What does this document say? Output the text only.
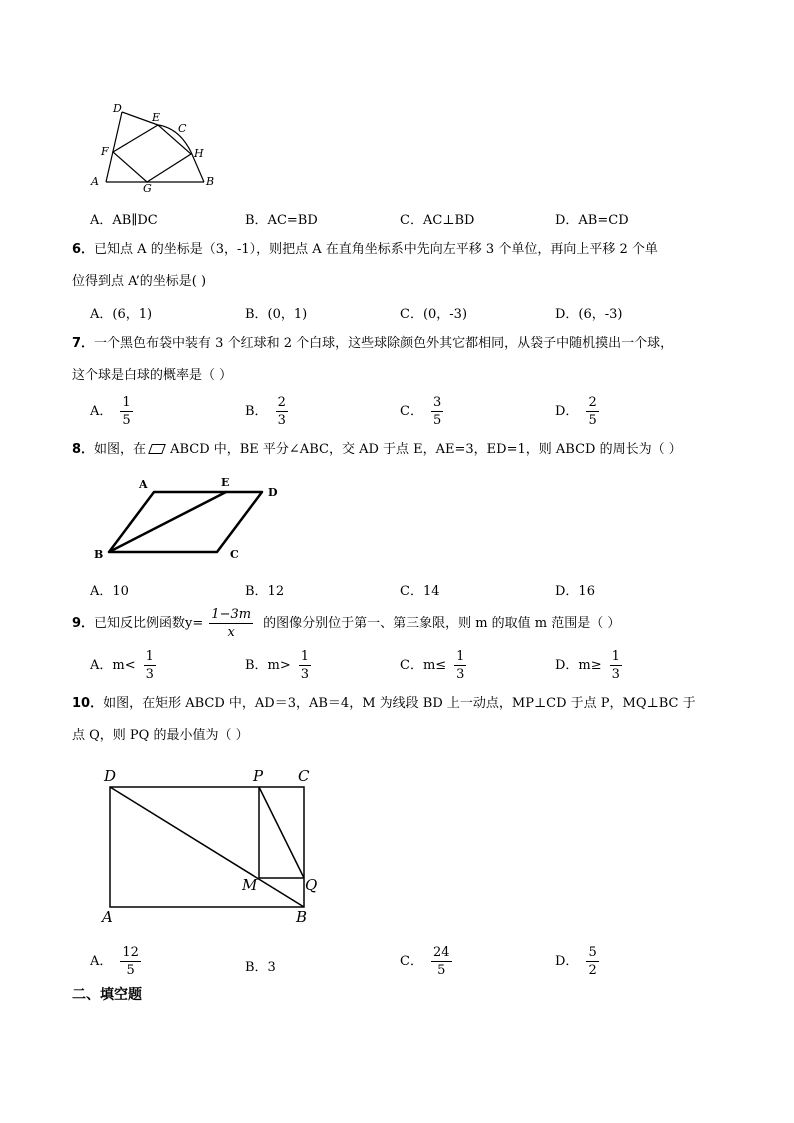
D
E
C
F	H
A
G
B
A．AB∥DC	B．AC=BD	C．AC⊥BD	D．AB=CD
6．已知点 A 的坐标是（3，-1），则把点 A 在直角坐标系中先向左平移 3 个单位，再向上平移 2 个单
位得到点 A’的坐标是( )
A．(6，1)	B．(0，1)	C．(0，-3)	D．(6，-3)
7．一个黑色布袋中装有 3 个红球和 2 个白球，这些球除颜色外其它都相同，从袋子中随机摸出一个球，
这个球是白球的概率是（ ）
A． $\frac{1}{5}$	B． $\frac{2}{3}$	C． $\frac{3}{5}$	D． $\frac{2}{5}$
8．如图，在 ABCD 中，BE 平分∠ABC，交 AD 于点 E，AE=3，ED=1，则 ABCD 的周长为（ ）
A	E
D
B	C
A．10	B．12	C．14	D．16
9．已知反比例函数$y= \frac{1-3m}{x}$ 的图像分别位于第一、第三象限，则 m 的取值 m 范围是（ ）
A．$m< \frac{1}{3}$	B．$m> \frac{1}{3}$	C．$m\le \frac{1}{3}$	D．$m\ge \frac{1}{3}$
10．如图，在矩形 ABCD 中，AD＝3，AB＝4，M 为线段 BD 上一动点，MP⊥CD 于点 P，MQ⊥BC 于
点 Q，则 PQ 的最小值为（ ）
D	P C
M	Q
A	B
A． $\frac{12}{5}$	B．3	C． $\frac{24}{5}$	D． $\frac{5}{2}$
二、填空题
